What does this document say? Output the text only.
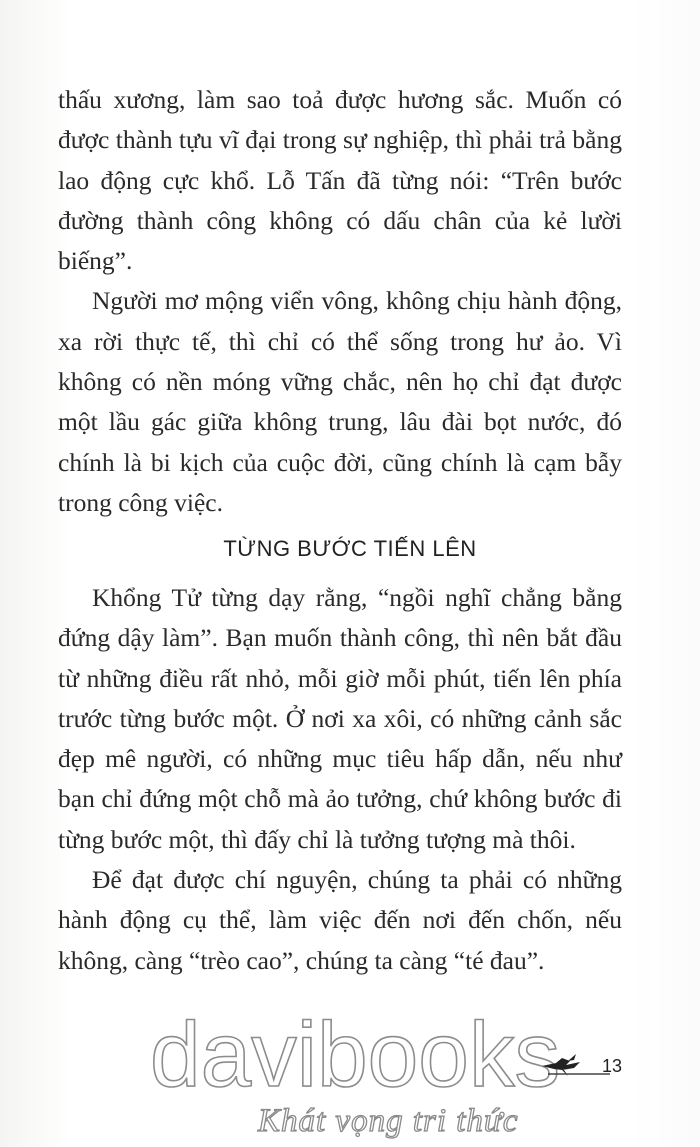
thấu xương, làm sao toả được hương sắc. Muốn có được thành tựu vĩ đại trong sự nghiệp, thì phải trả bằng lao động cực khổ. Lỗ Tấn đã từng nói: “Trên bước đường thành công không có dấu chân của kẻ lười biếng”.

Người mơ mộng viển vông, không chịu hành động, xa rời thực tế, thì chỉ có thể sống trong hư ảo. Vì không có nền móng vững chắc, nên họ chỉ đạt được một lầu gác giữa không trung, lâu đài bọt nước, đó chính là bi kịch của cuộc đời, cũng chính là cạm bẫy trong công việc.

TỪNG BƯỚC TIẾN LÊN

Khổng Tử từng dạy rằng, “ngồi nghĩ chẳng bằng đứng dậy làm”. Bạn muốn thành công, thì nên bắt đầu từ những điều rất nhỏ, mỗi giờ mỗi phút, tiến lên phía trước từng bước một. Ở nơi xa xôi, có những cảnh sắc đẹp mê người, có những mục tiêu hấp dẫn, nếu như bạn chỉ đứng một chỗ mà ảo tưởng, chứ không bước đi từng bước một, thì đấy chỉ là tưởng tượng mà thôi.

Để đạt được chí nguyện, chúng ta phải có những hành động cụ thể, làm việc đến nơi đến chốn, nếu không, càng “trèo cao”, chúng ta càng “té đau”.

davibooks
Khát vọng tri thức
13
